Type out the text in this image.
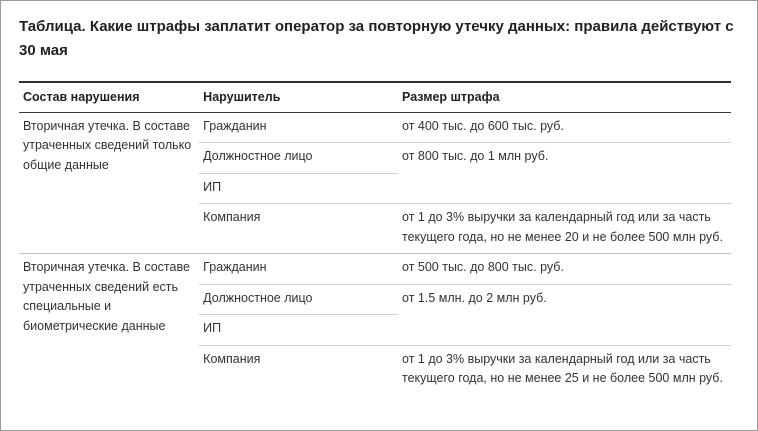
Таблица. Какие штрафы заплатит оператор за повторную утечку данных: правила действуют с 30 мая
Состав нарушения	Нарушитель	Размер штрафа
Вторичная утечка. В составе утраченных сведений только общие данные	Гражданин	от 400 тыс. до 600 тыс. руб.
	Должностное лицо	от 800 тыс. до 1 млн руб.
	ИП	
	Компания	от 1 до 3% выручки за календарный год или за часть текущего года, но не менее 20 и не более 500 млн руб.
Вторичная утечка. В составе утраченных сведений есть специальные и биометрические данные	Гражданин	от 500 тыс. до 800 тыс. руб.
	Должностное лицо	от 1.5 млн. до 2 млн руб.
	ИП	
	Компания	от 1 до 3% выручки за календарный год или за часть текущего года, но не менее 25 и не более 500 млн руб.
